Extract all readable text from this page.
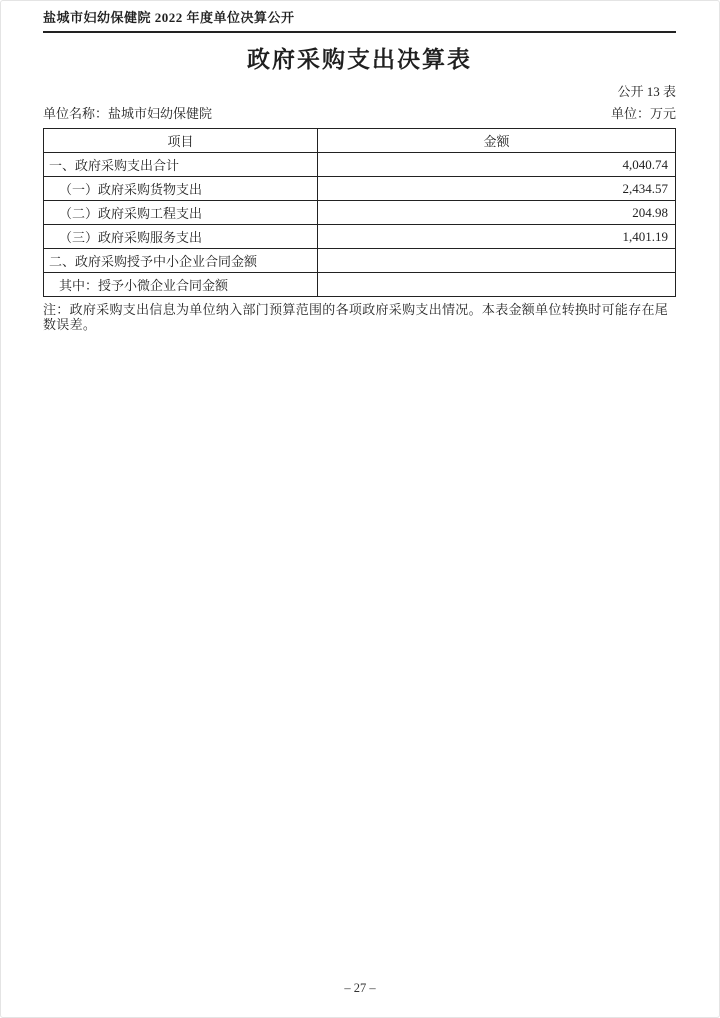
盐城市妇幼保健院 2022 年度单位决算公开
政府采购支出决算表
公开 13 表
单位名称：盐城市妇幼保健院	单位：万元
项目	金额
一、政府采购支出合计	4,040.74
（一）政府采购货物支出	2,434.57
（二）政府采购工程支出	204.98
（三）政府采购服务支出	1,401.19
二、政府采购授予中小企业合同金额	
其中：授予小微企业合同金额	
注：政府采购支出信息为单位纳入部门预算范围的各项政府采购支出情况。本表金额单位转换时可能存在尾数误差。
– 27 –
